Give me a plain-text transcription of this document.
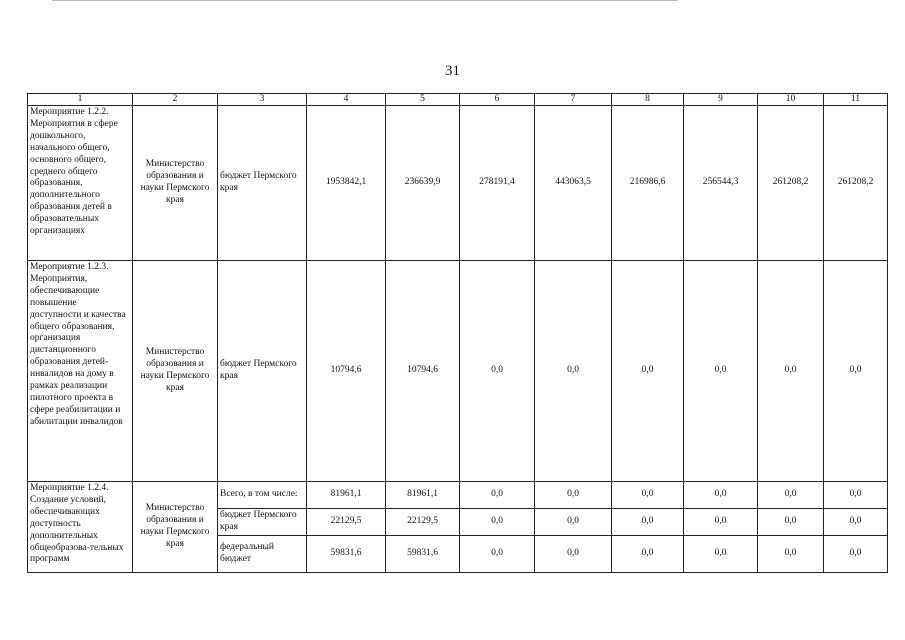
31
1	2	3	4	5	6	7	8	9	10	11
Мероприятие 1.2.2. Мероприятия в сфере дошкольного, начального общего, основного общего, среднего общего образования, дополнительного образования детей в образовательных организациях	Министерство образования и науки Пермского края	бюджет Пермского края	1953842,1	236639,9	278191,4	443063,5	216986,6	256544,3	261208,2	261208,2
Мероприятие 1.2.3. Мероприятия, обеспечивающие повышение доступности и качества общего образования, организация дистанционного образования детей-инвалидов на дому в рамках реализации пилотного проекта в сфере реабилитации и абилитации инвалидов	Министерство образования и науки Пермского края	бюджет Пермского края	10794,6	10794,6	0,0	0,0	0,0	0,0	0,0	0,0
Мероприятие 1.2.4. Создание условий, обеспечивающих доступность дополнительных общеобразова-тельных программ	Министерство образования и науки Пермского края	Всего, в том числе:	81961,1	81961,1	0,0	0,0	0,0	0,0	0,0	0,0
		бюджет Пермского края	22129,5	22129,5	0,0	0,0	0,0	0,0	0,0	0,0
		федеральный бюджет	59831,6	59831,6	0,0	0,0	0,0	0,0	0,0	0,0
